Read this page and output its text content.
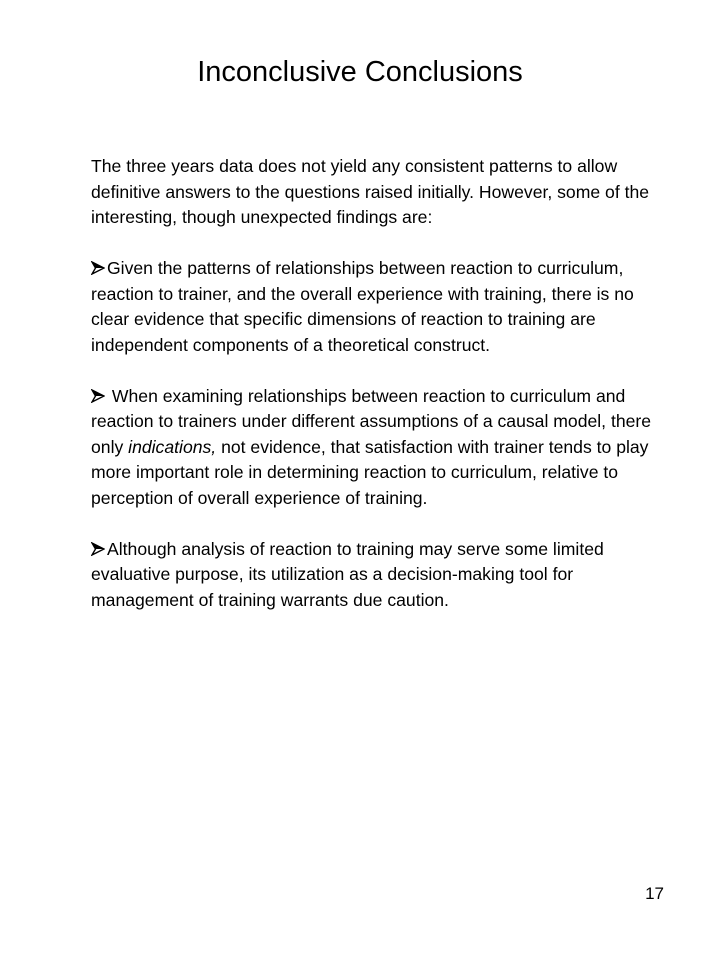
Inconclusive Conclusions

The three years data does not yield any consistent patterns to allow definitive answers to the questions raised initially. However, some of the interesting, though unexpected findings are:

Given the patterns of relationships between reaction to curriculum, reaction to trainer, and the overall experience with training, there is no clear evidence that specific dimensions of reaction to training are independent components of a theoretical construct.

When examining relationships between reaction to curriculum and reaction to trainers under different assumptions of a causal model, there only indications, not evidence, that satisfaction with trainer tends to play more important role in determining reaction to curriculum, relative to perception of overall experience of training.

Although analysis of reaction to training may serve some limited evaluative purpose, its utilization as a decision-making tool for management of training warrants due caution.

17
